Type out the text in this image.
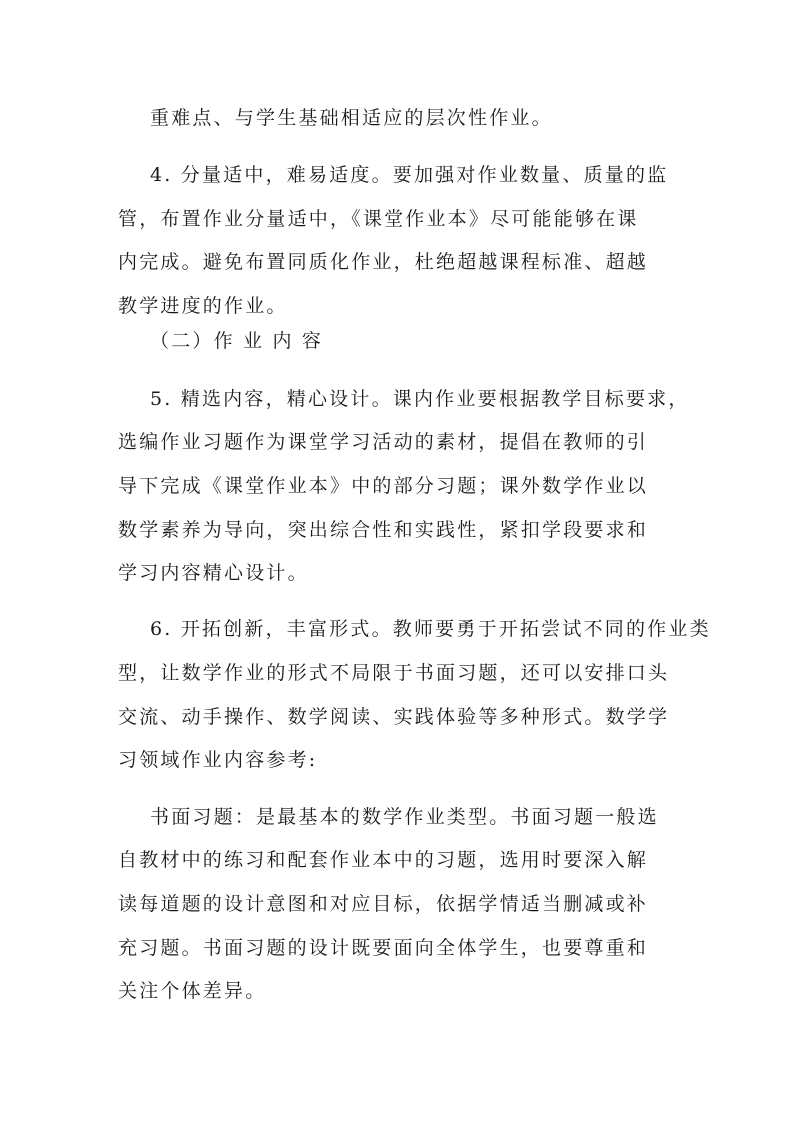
重难点、与学生基础相适应的层次性作业。
4. 分量适中，难易适度。要加强对作业数量、质量的监
管，布置作业分量适中，《课堂作业本》尽可能能够在课
内完成。避免布置同质化作业，杜绝超越课程标准、超越
教学进度的作业。
（二）作 业 内 容
5. 精选内容，精心设计。课内作业要根据教学目标要求，
选编作业习题作为课堂学习活动的素材，提倡在教师的引
导下完成《课堂作业本》中的部分习题；课外数学作业以
数学素养为导向，突出综合性和实践性，紧扣学段要求和
学习内容精心设计。
6. 开拓创新，丰富形式。教师要勇于开拓尝试不同的作业类
型，让数学作业的形式不局限于书面习题，还可以安排口头
交流、动手操作、数学阅读、实践体验等多种形式。数学学
习领域作业内容参考:
书面习题：是最基本的数学作业类型。书面习题一般选
自教材中的练习和配套作业本中的习题，选用时要深入解
读每道题的设计意图和对应目标，依据学情适当删减或补
充习题。书面习题的设计既要面向全体学生，也要尊重和
关注个体差异。
